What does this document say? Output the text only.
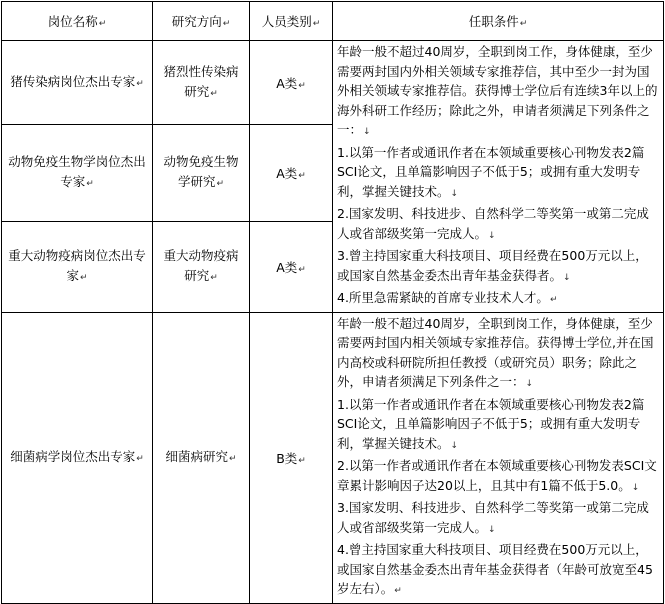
岗位名称↵	研究方向↵	人员类别↵	任职条件↵
猪传染病岗位杰出专家↵	猪烈性传染病研究↵	A类↵	年龄一般不超过40周岁，全职到岗工作，身体健康，至少需要两封国内外相关领域专家推荐信，其中至少一封为国外相关领域专家推荐信。获得博士学位后有连续3年以上的海外科研工作经历；除此之外，申请者须满足下列条件之一：↓

1.以第一作者或通讯作者在本领域重要核心刊物发表2篇SCI论文，且单篇影响因子不低于5；或拥有重大发明专利，掌握关键技术。↓

2.国家发明、科技进步、自然科学二等奖第一或第二完成人或省部级奖第一完成人。↓

3.曾主持国家重大科技项目、项目经费在500万元以上，或国家自然基金委杰出青年基金获得者。↓

4.所里急需紧缺的首席专业技术人才。↵

动物免疫生物学岗位杰出专家↵	动物免疫生物学研究↵	A类↵	
重大动物疫病岗位杰出专家↵	重大动物疫病研究↵	A类↵	
细菌病学岗位杰出专家↵	细菌病研究↵	B类↵	年龄一般不超过40周岁，全职到岗工作，身体健康，至少需要两封国内相关领域专家推荐信。获得博士学位,并在国内高校或科研院所担任教授（或研究员）职务；除此之外，申请者须满足下列条件之一：↓

1.以第一作者或通讯作者在本领域重要核心刊物发表2篇SCI论文，且单篇影响因子不低于5；或拥有重大发明专利，掌握关键技术。↓

2.以第一作者或通讯作者在本领域重要核心刊物发表SCI文章累计影响因子达20以上，且其中有1篇不低于5.0。↓

3.国家发明、科技进步、自然科学二等奖第一或第二完成人或省部级奖第一完成人。↓

4.曾主持国家重大科技项目、项目经费在500万元以上，或国家自然基金委杰出青年基金获得者（年龄可放宽至45岁左右）。↵
